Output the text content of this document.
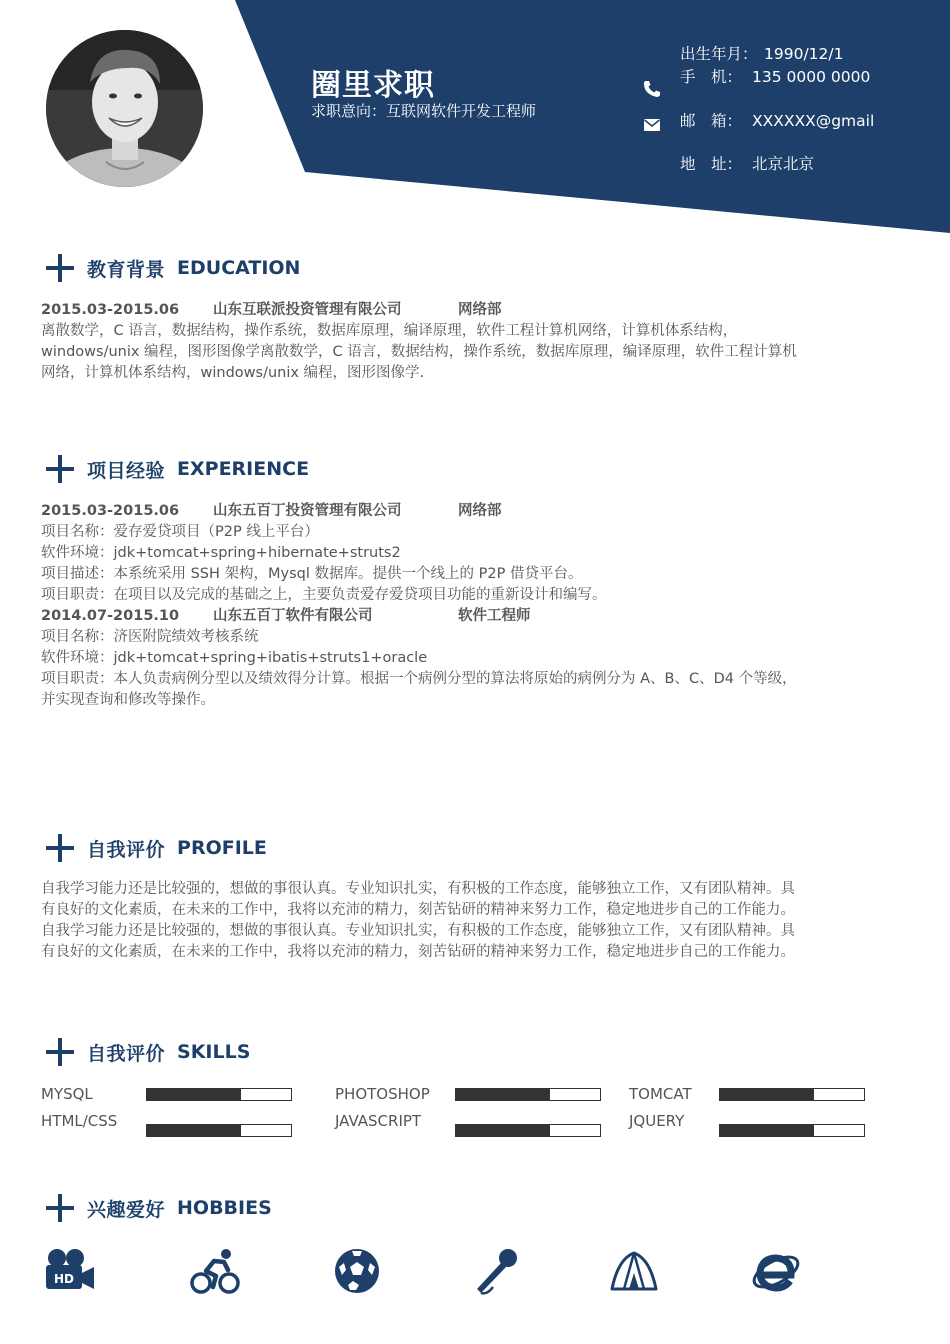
圈里求职
求职意向：互联网软件开发工程师
出生年月： 1990/12/1
手　机： 135 0000 0000
邮　箱： XXXXXX@gmail
地　址： 北京北京
教育背景 EDUCATION
2015.03-2015.06 山东互联派投资管理有限公司	网络部
离散数学，C 语言，数据结构，操作系统，数据库原理，编译原理，软件工程计算机网络，计算机体系结构，
windows/unix 编程，图形图像学离散数学，C 语言，数据结构，操作系统，数据库原理，编译原理，软件工程计算机
网络，计算机体系结构，windows/unix 编程，图形图像学.
项目经验 EXPERIENCE
2015.03-2015.06 山东五百丁投资管理有限公司	网络部
项目名称：爱存爱贷项目（P2P 线上平台）
软件环境：jdk+tomcat+spring+hibernate+struts2
项目描述：本系统采用 SSH 架构，Mysql 数据库。提供一个线上的 P2P 借贷平台。
项目职责：在项目以及完成的基础之上，主要负责爱存爱贷项目功能的重新设计和编写。
2014.07-2015.10 山东五百丁软件有限公司	软件工程师
项目名称：济医附院绩效考核系统
软件环境：jdk+tomcat+spring+ibatis+struts1+oracle
项目职责：本人负责病例分型以及绩效得分计算。根据一个病例分型的算法将原始的病例分为 A、B、C、D4 个等级，
并实现查询和修改等操作。
自我评价 PROFILE
自我学习能力还是比较强的，想做的事很认真。专业知识扎实，有积极的工作态度，能够独立工作，又有团队精神。具
有良好的文化素质，在未来的工作中，我将以充沛的精力，刻苦钻研的精神来努力工作，稳定地进步自己的工作能力。
自我学习能力还是比较强的，想做的事很认真。专业知识扎实，有积极的工作态度，能够独立工作，又有团队精神。具
有良好的文化素质，在未来的工作中，我将以充沛的精力，刻苦钻研的精神来努力工作，稳定地进步自己的工作能力。
自我评价 SKILLS
MYSQL	PHOTOSHOP	TOMCAT
HTML/CSS	JAVASCRIPT	JQUERY
兴趣爱好 HOBBIES
HD
